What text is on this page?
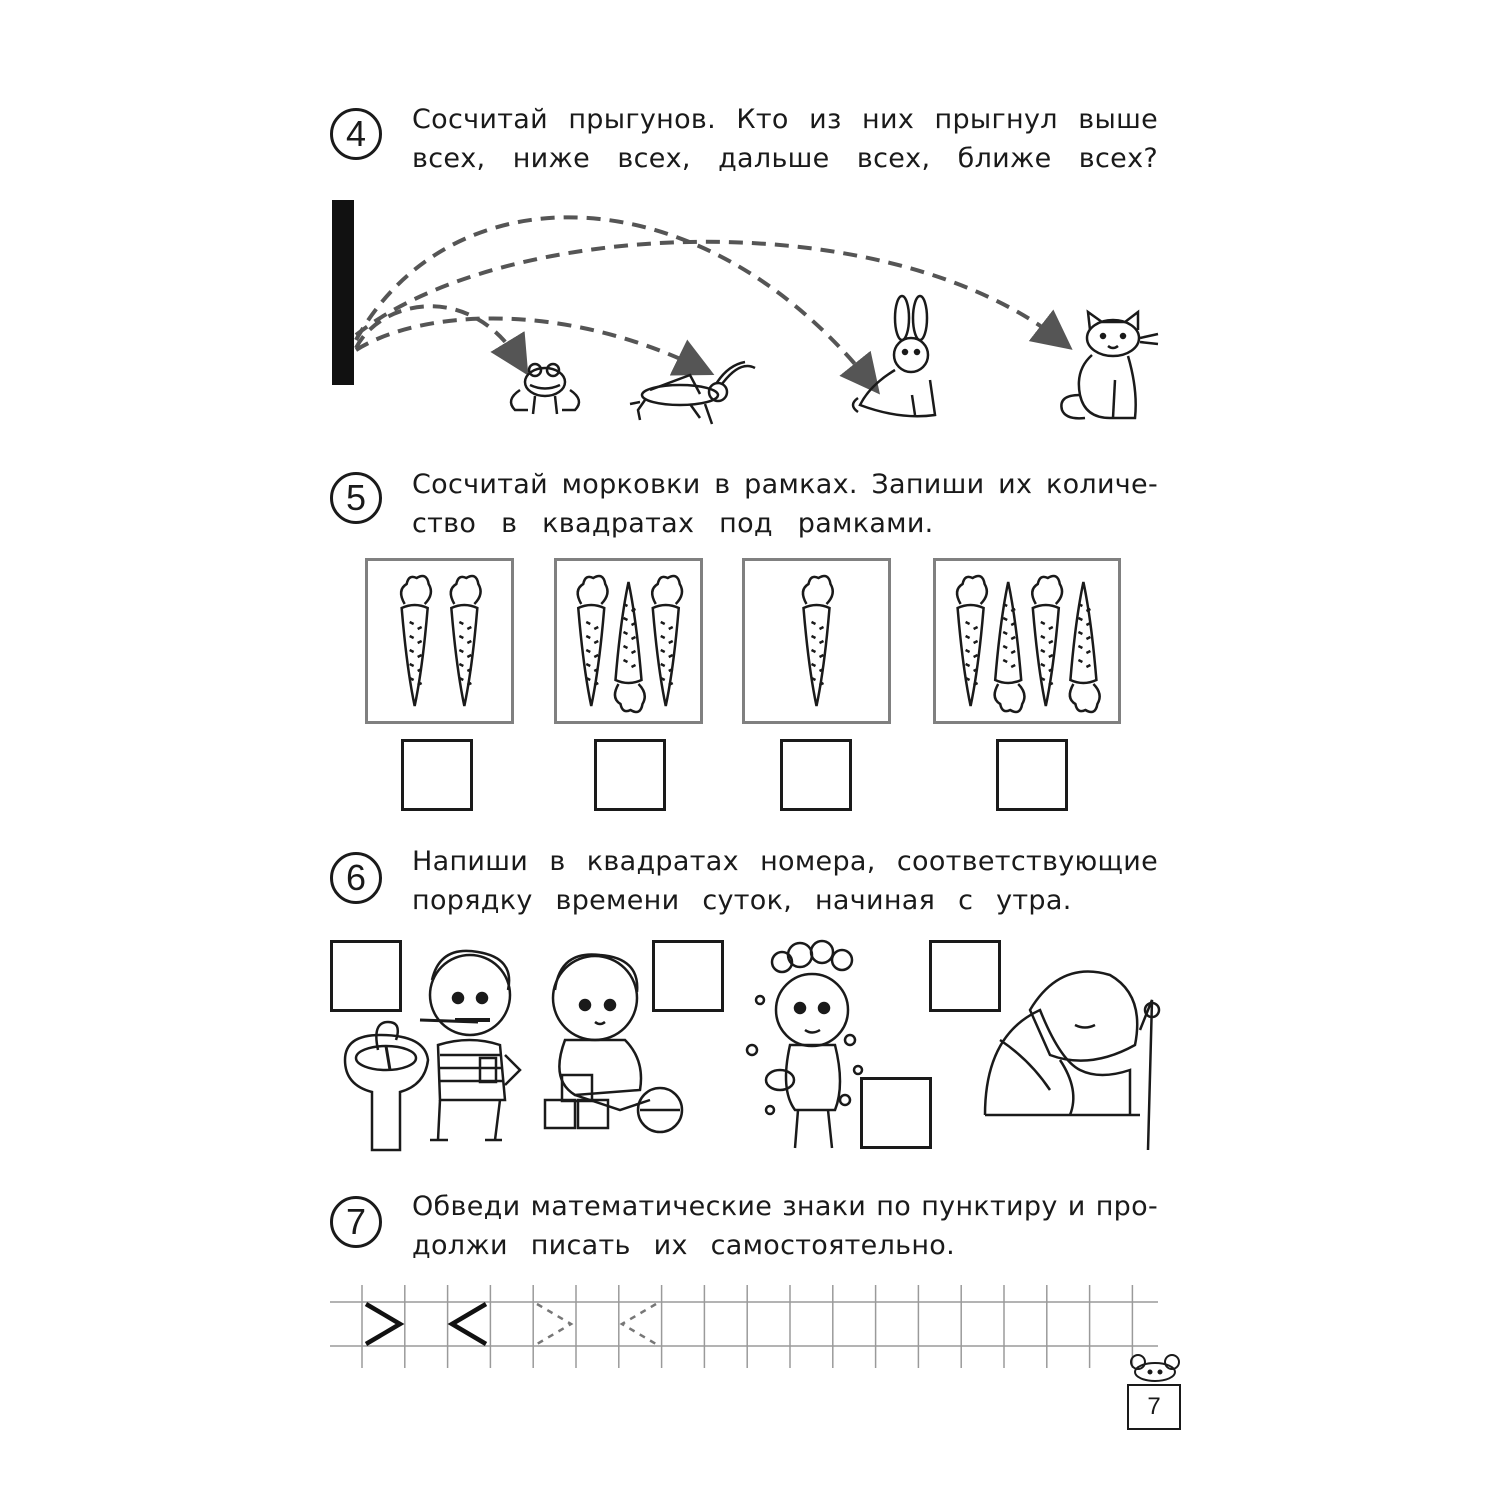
4	Сосчитай прыгунов. Кто из них прыгнул выше
всех, ниже всех, дальше всех, ближе всех?
5	Сосчитай морковки в рамках. Запиши их количе-
ство в квадратах под рамками.
6	Напиши в квадратах номера, соответствующие
порядку времени суток, начиная с утра.
7	Обведи математические знаки по пунктиру и про-
должи писать их самостоятельно.
7
